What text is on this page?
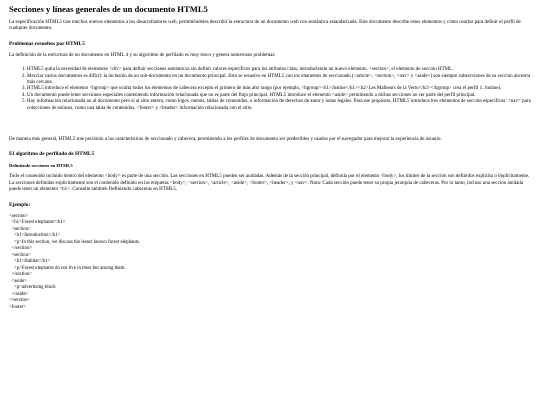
Secciones y líneas generales de un documento HTML5

La especificación HTML5 trae muchos nuevos elementos a los desarrolladores web, permitiéndoles describir la estructura de un documento web con semántica estandarizada. Este documento describe estos elementos y cómo usarlos para definir el perfil de cualquier documento.

Problemas resueltos por HTML5

La definición de la estructura de un documento en HTML 4 y su algoritmo de perfilado es muy tosco y genera numerosos problemas:

1. HTML5 quita la necesidad de elementos <div> para definir secciones semánticas sin definir valores específicos para los atributos class, introduciendo un nuevo elemento, <section>, el elemento de sección HTML.
2. Mezclar varios documentos es difícil: la inclusión de un sub-documento en un documento principal. Esto se resuelve en HTML5 con los elementos de seccionado (<article>, <section>, <nav> y <aside>) son siempre subsecciones de su sección ancestra más cercana.
3. HTML5 introduce el elemento <hgroup> que oculta todos los elementos de cabecera excepto el primero de más alto rango (por ejemplo, <hgroup><h1>Justine</h1><h2>Les Malheurs de la Vertu</h2></hgroup> crea el perfil 1. Justine).
4. Un documento puede tener secciones especiales conteniendo información relacionada que no es parte del flujo principal. HTML5 introduce el elemento <aside> permitiendo a dichas secciones no ser parte del perfil principal.
5. Hay información relacionada no al documento pero si al sitio entero, como logos, menús, tablas de contenidos, o información de derechos de autor y notas legales. Para ese propósito, HTML5 introduce tres elementos de sección específicos: <nav> para colecciones de enlaces, como una tabla de contenidos, <footer> y <header> información relacionada con el sitio.

De manera más general, HTML5 trae precisión a las características de seccionado y cabecera, permitiendo a los perfiles de documento ser predecibles y usados por el navegador para mejorar la experiencia de usuario.

El algoritmo de perfilado de HTML5
Definiendo secciones en HTML5

Todo el contenido incluido dentro del elemento <body> es parte de una sección. Las secciones en HTML5 pueden ser anidadas. Además de la sección principal, definida por el elemento <body>, los límites de la sección son definidos explícita o implícitamente. La secciones definidas explícitamente son el contenido definido en las etiquetas <body>, <section>, <article>, <aside>, <footer>, <header>, y <nav>. Nota: Cada sección puede tener su propia jerarquía de cabeceras. Por lo tanto, incluso una sección anidada puede tener un elemento <h1>. Consulte también Definiendo cabeceras en HTML5.

Ejemplo:
<section>
<h1>Forest elephants</h1>
<section>
<h1>Introduction</h1>
<p>In this section, we discuss the lesser known forest elephants.
</section>
<section>
<h1>Habitat</h1>
<p>Forest elephants do not live in trees but among them.
</section>
<aside>
<p>advertising block
</aside>
</section>
<footer>
